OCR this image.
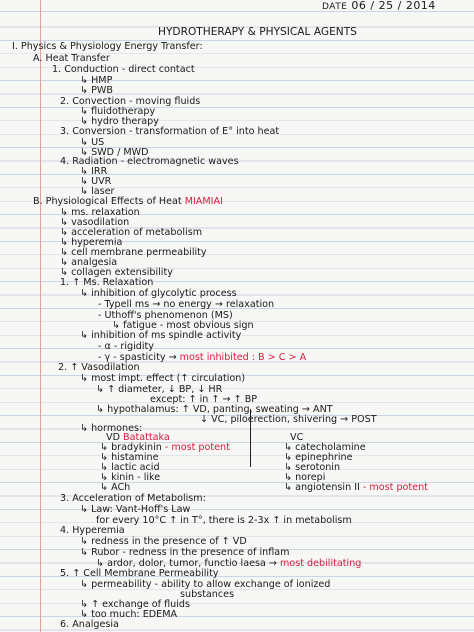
DATE 06 / 25 / 2014
HYDROTHERAPY & PHYSICAL AGENTS
I. Physics & Physiology Energy Transfer:
A. Heat Transfer
1. Conduction - direct contact
↳ HMP
↳ PWB
2. Convection - moving fluids
↳ fluidotherapy
↳ hydro therapy
3. Conversion - transformation of E° into heat
↳ US
↳ SWD / MWD
4. Radiation - electromagnetic waves
↳ IRR
↳ UVR
↳ laser
B. Physiological Effects of Heat MIAMIAI
↳ ms. relaxation
↳ vasodilation
↳ acceleration of metabolism
↳ hyperemia
↳ cell membrane permeability
↳ analgesia
↳ collagen extensibility
1. ↑ Ms. Relaxation
↳ inhibition of glycolytic process
- Typell ms → no energy → relaxation
- Uthoff's phenomenon (MS)
↳ fatigue - most obvious sign
↳ inhibition of ms spindle activity
- α - rigidity
- γ - spasticity → most inhibited : B > C > A
2. ↑ Vasodilation
↳ most impt. effect (↑ circulation)
↳ ↑ diameter, ↓ BP, ↓ HR
except: ↑ in ↑ → ↑ BP
↳ hypothalamus: ↑ VD, panting, sweating → ANT
↓ VC, piloerection, shivering → POST
↳ hormones:
VD Batattaka
↳ bradykinin - most potent
↳ histamine
↳ lactic acid
↳ kinin - like
↳ ACh
VC
↳ catecholamine
↳ epinephrine
↳ serotonin
↳ norepi
↳ angiotensin II - most potent
3. Acceleration of Metabolism:
↳ Law: Vant-Hoff's Law
for every 10°C ↑ in T°, there is 2-3x ↑ in metabolism
4. Hyperemia
↳ redness in the presence of ↑ VD
↳ Rubor - redness in the presence of inflam
↳ ardor, dolor, tumor, functio laesa → most debilitating
5. ↑ Cell Membrane Permeability
↳ permeability - ability to allow exchange of ionized
substances
↳ ↑ exchange of fluids
↳ too much: EDEMA
6. Analgesia
